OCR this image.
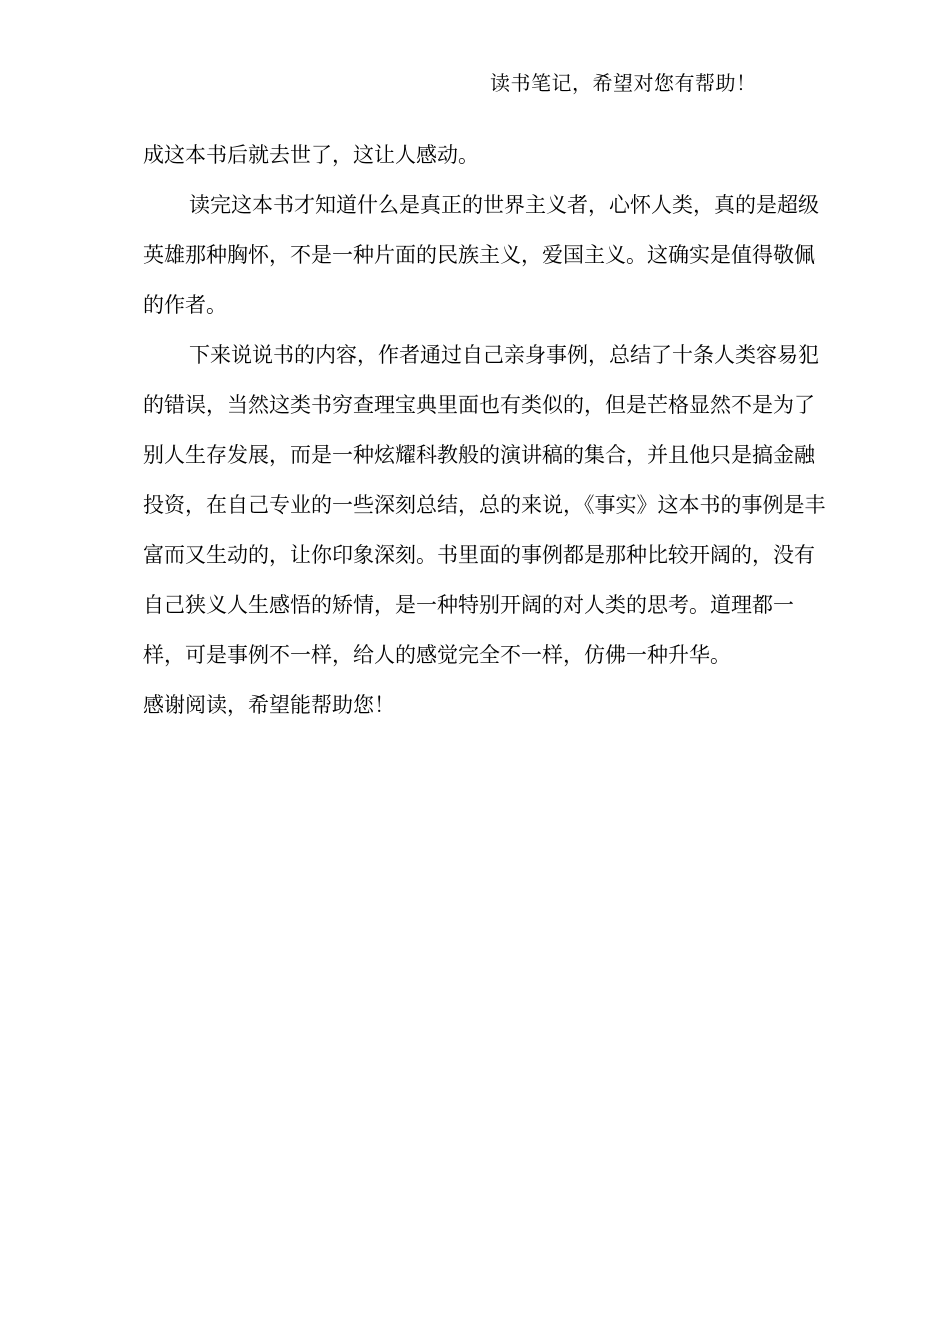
读书笔记，希望对您有帮助！

成这本书后就去世了，这让人感动。

读完这本书才知道什么是真正的世界主义者，心怀人类，真的是超级英雄那种胸怀，不是一种片面的民族主义，爱国主义。这确实是值得敬佩的作者。

下来说说书的内容，作者通过自己亲身事例，总结了十条人类容易犯的错误，当然这类书穷查理宝典里面也有类似的，但是芒格显然不是为了别人生存发展，而是一种炫耀科教般的演讲稿的集合，并且他只是搞金融投资，在自己专业的一些深刻总结，总的来说，《事实》这本书的事例是丰富而又生动的，让你印象深刻。书里面的事例都是那种比较开阔的，没有自己狭义人生感悟的矫情，是一种特别开阔的对人类的思考。道理都一样，可是事例不一样，给人的感觉完全不一样，仿佛一种升华。

感谢阅读，希望能帮助您！
